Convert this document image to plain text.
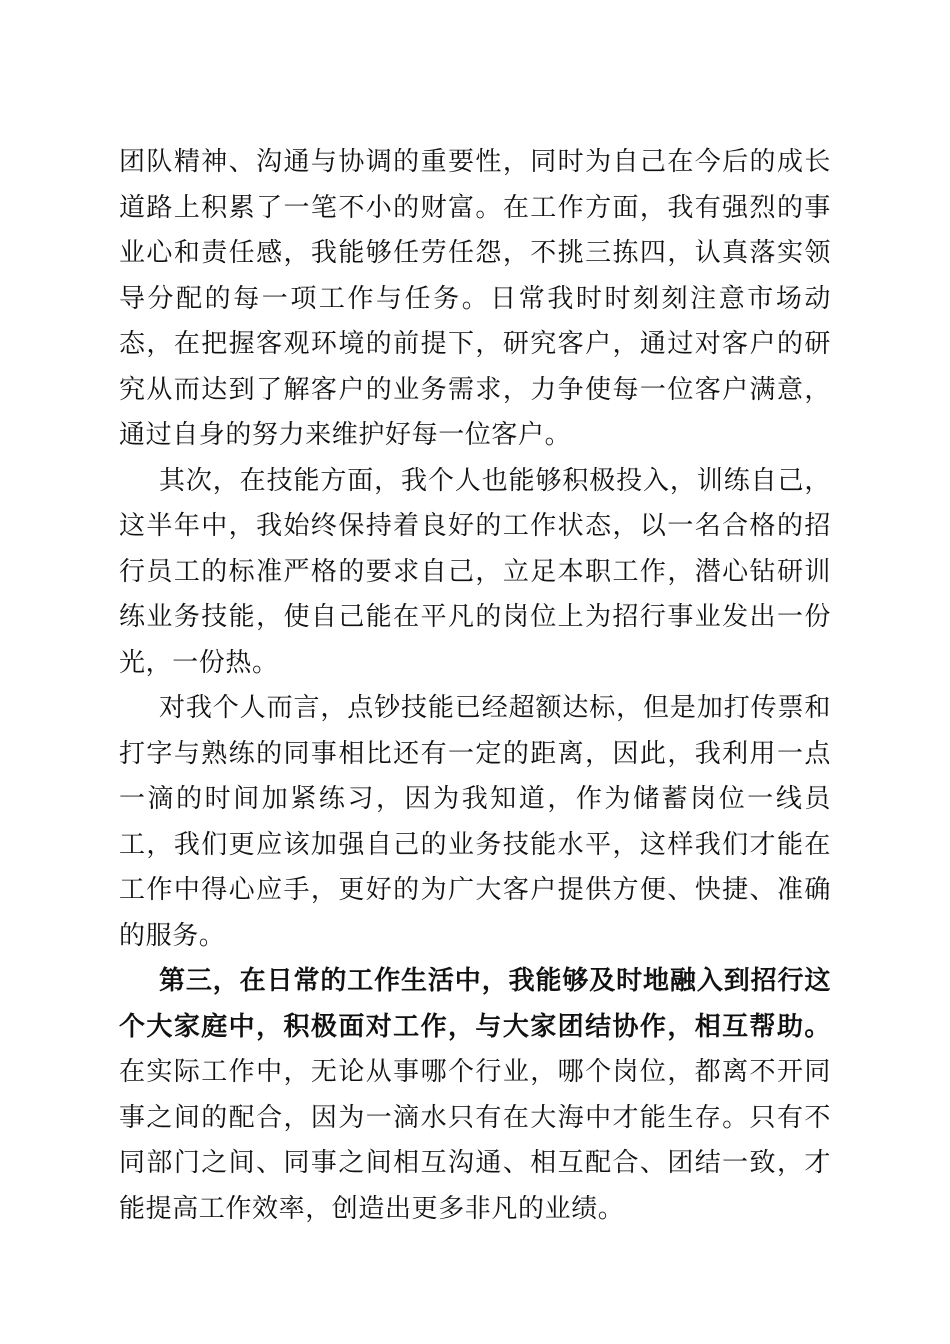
团队精神、沟通与协调的重要性，同时为自己在今后的成长道路上积累了一笔不小的财富。在工作方面，我有强烈的事业心和责任感，我能够任劳任怨，不挑三拣四，认真落实领导分配的每一项工作与任务。日常我时时刻刻注意市场动态，在把握客观环境的前提下，研究客户，通过对客户的研究从而达到了解客户的业务需求，力争使每一位客户满意，通过自身的努力来维护好每一位客户。

其次，在技能方面，我个人也能够积极投入，训练自己，这半年中，我始终保持着良好的工作状态，以一名合格的招行员工的标准严格的要求自己，立足本职工作，潜心钻研训练业务技能，使自己能在平凡的岗位上为招行事业发出一份光，一份热。

对我个人而言，点钞技能已经超额达标，但是加打传票和打字与熟练的同事相比还有一定的距离，因此，我利用一点一滴的时间加紧练习，因为我知道，作为储蓄岗位一线员工，我们更应该加强自己的业务技能水平，这样我们才能在工作中得心应手，更好的为广大客户提供方便、快捷、准确的服务。

第三，在日常的工作生活中，我能够及时地融入到招行这个大家庭中，积极面对工作，与大家团结协作，相互帮助。在实际工作中，无论从事哪个行业，哪个岗位，都离不开同事之间的配合，因为一滴水只有在大海中才能生存。只有不同部门之间、同事之间相互沟通、相互配合、团结一致，才能提高工作效率，创造出更多非凡的业绩。
